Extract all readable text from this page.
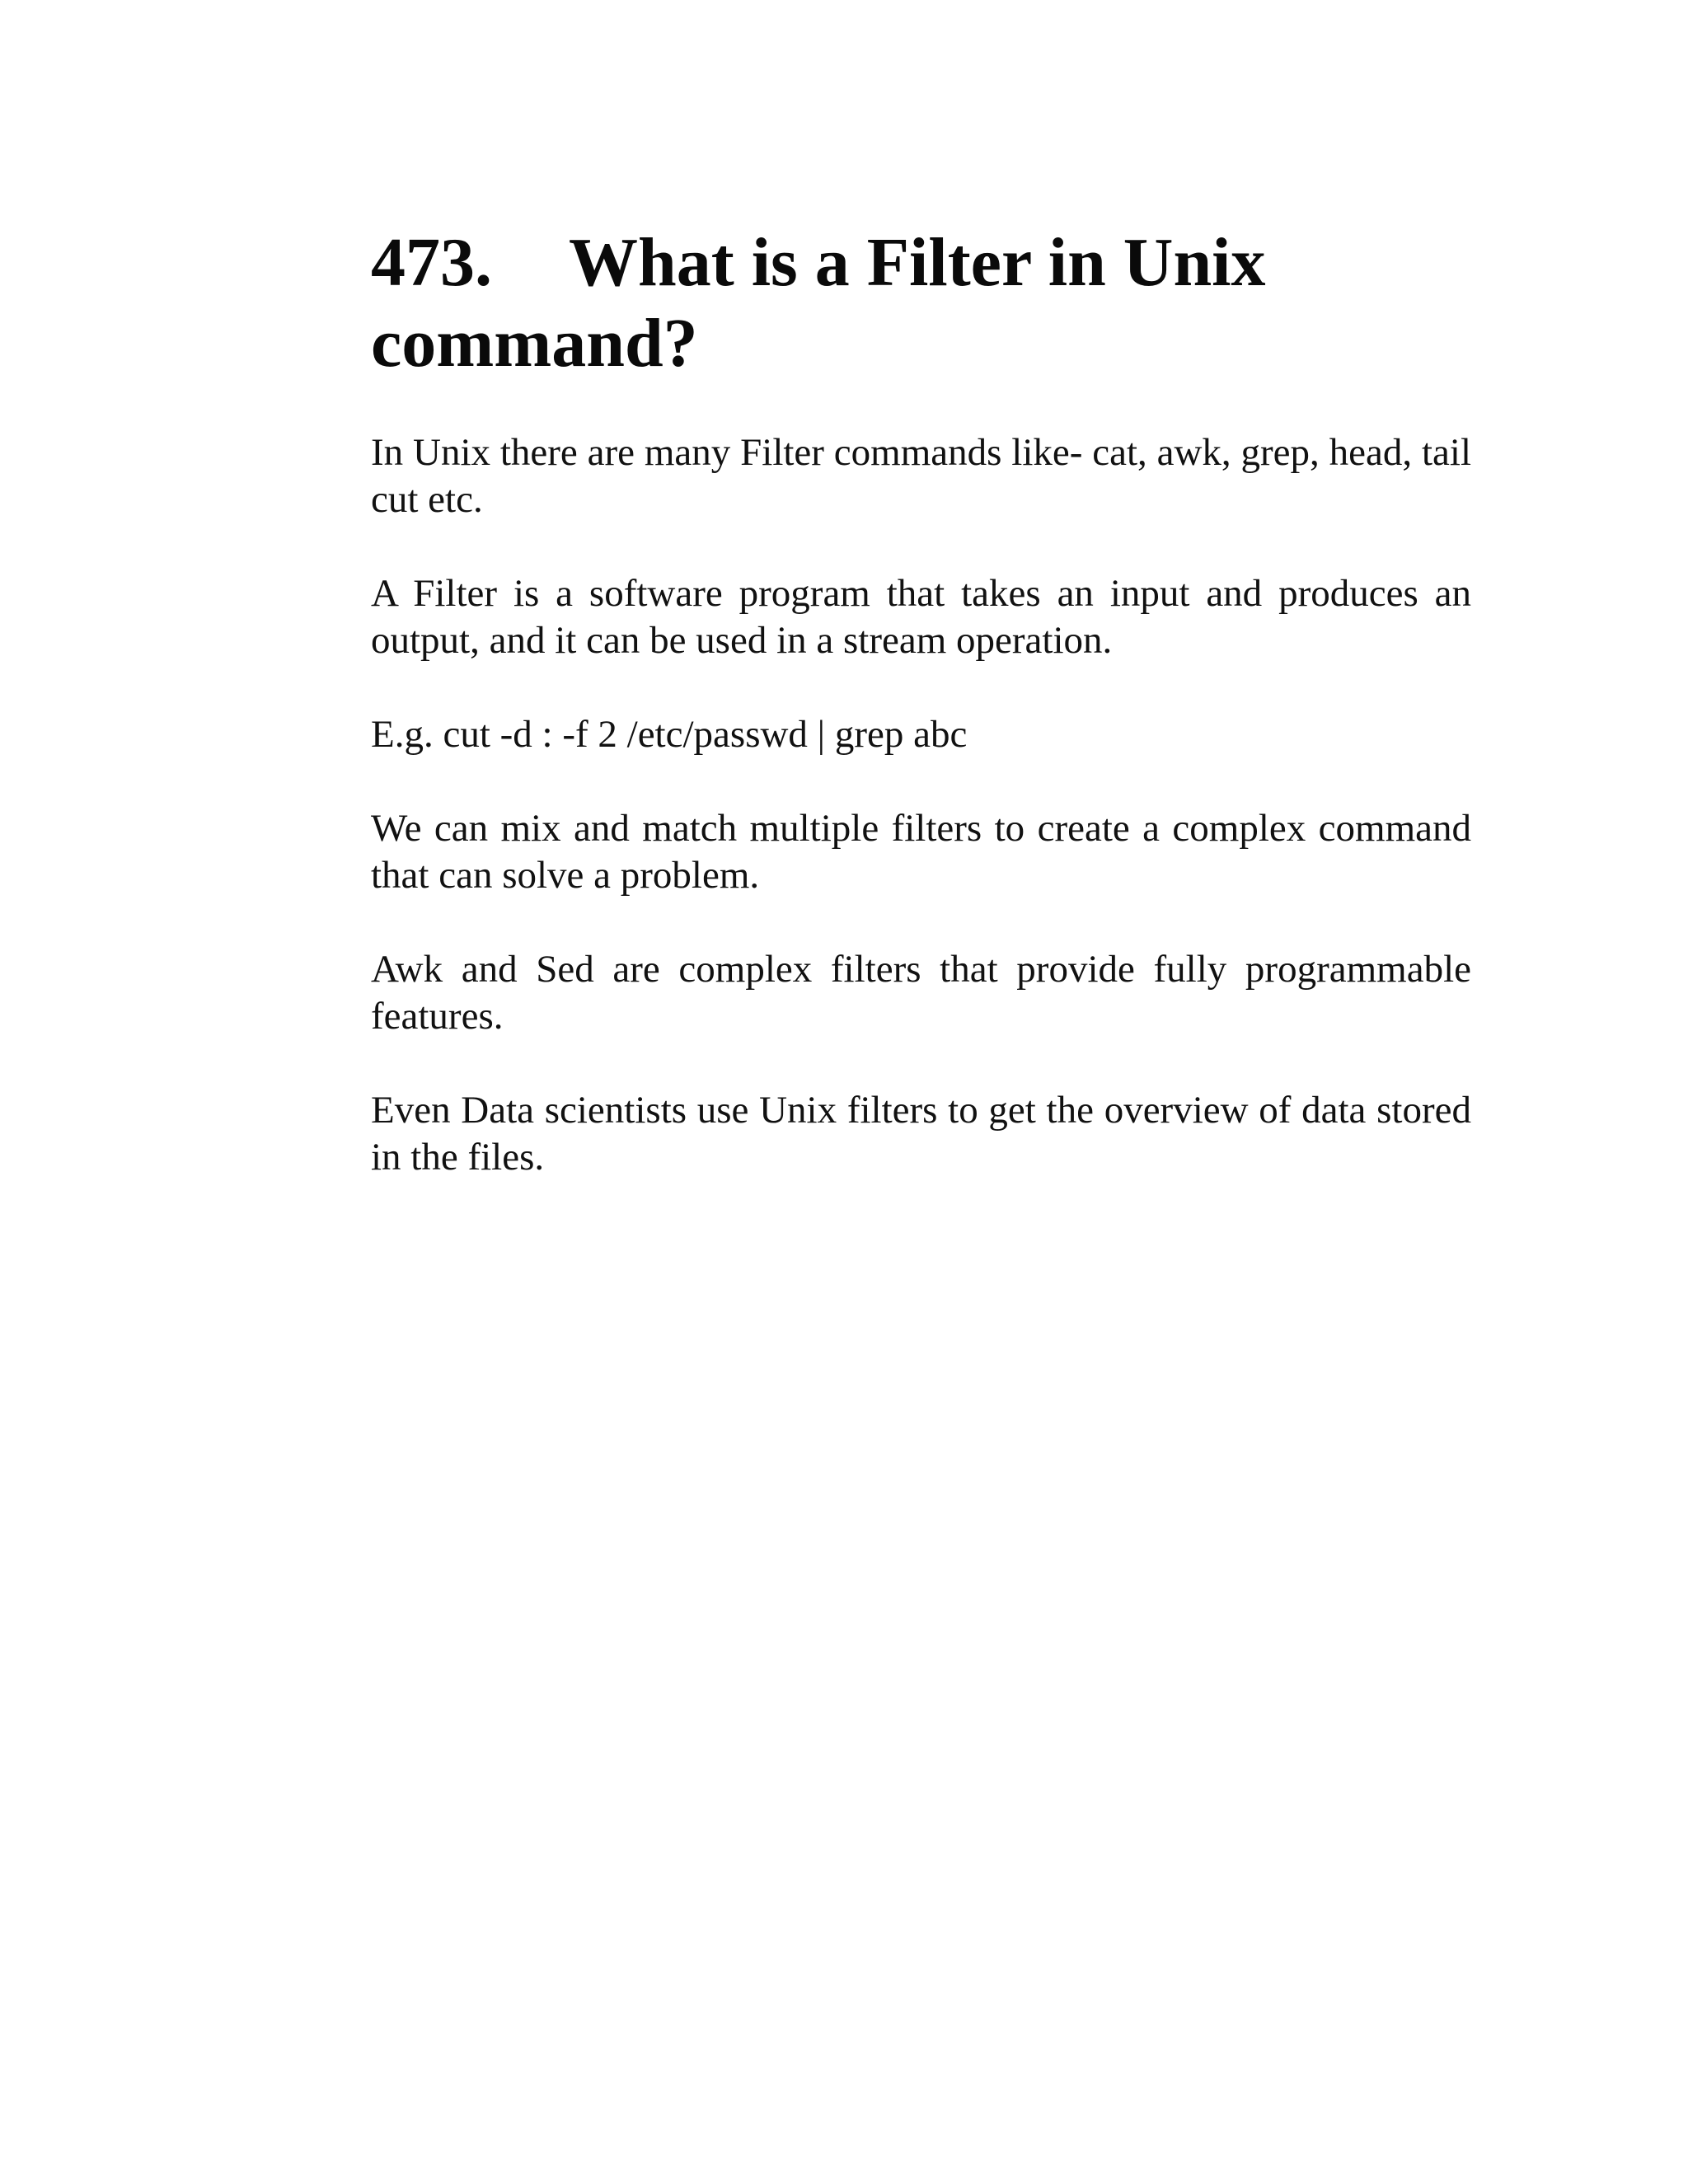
473. What is a Filter in Unix
command?

In Unix there are many Filter commands like- cat, awk, grep, head, tail cut etc.

A Filter is a software program that takes an input and produces an output, and it can be used in a stream operation.

E.g. cut -d : -f 2 /etc/passwd | grep abc

We can mix and match multiple filters to create a complex command that can solve a problem.

Awk and Sed are complex filters that provide fully programmable features.

Even Data scientists use Unix filters to get the overview of data stored in the files.
